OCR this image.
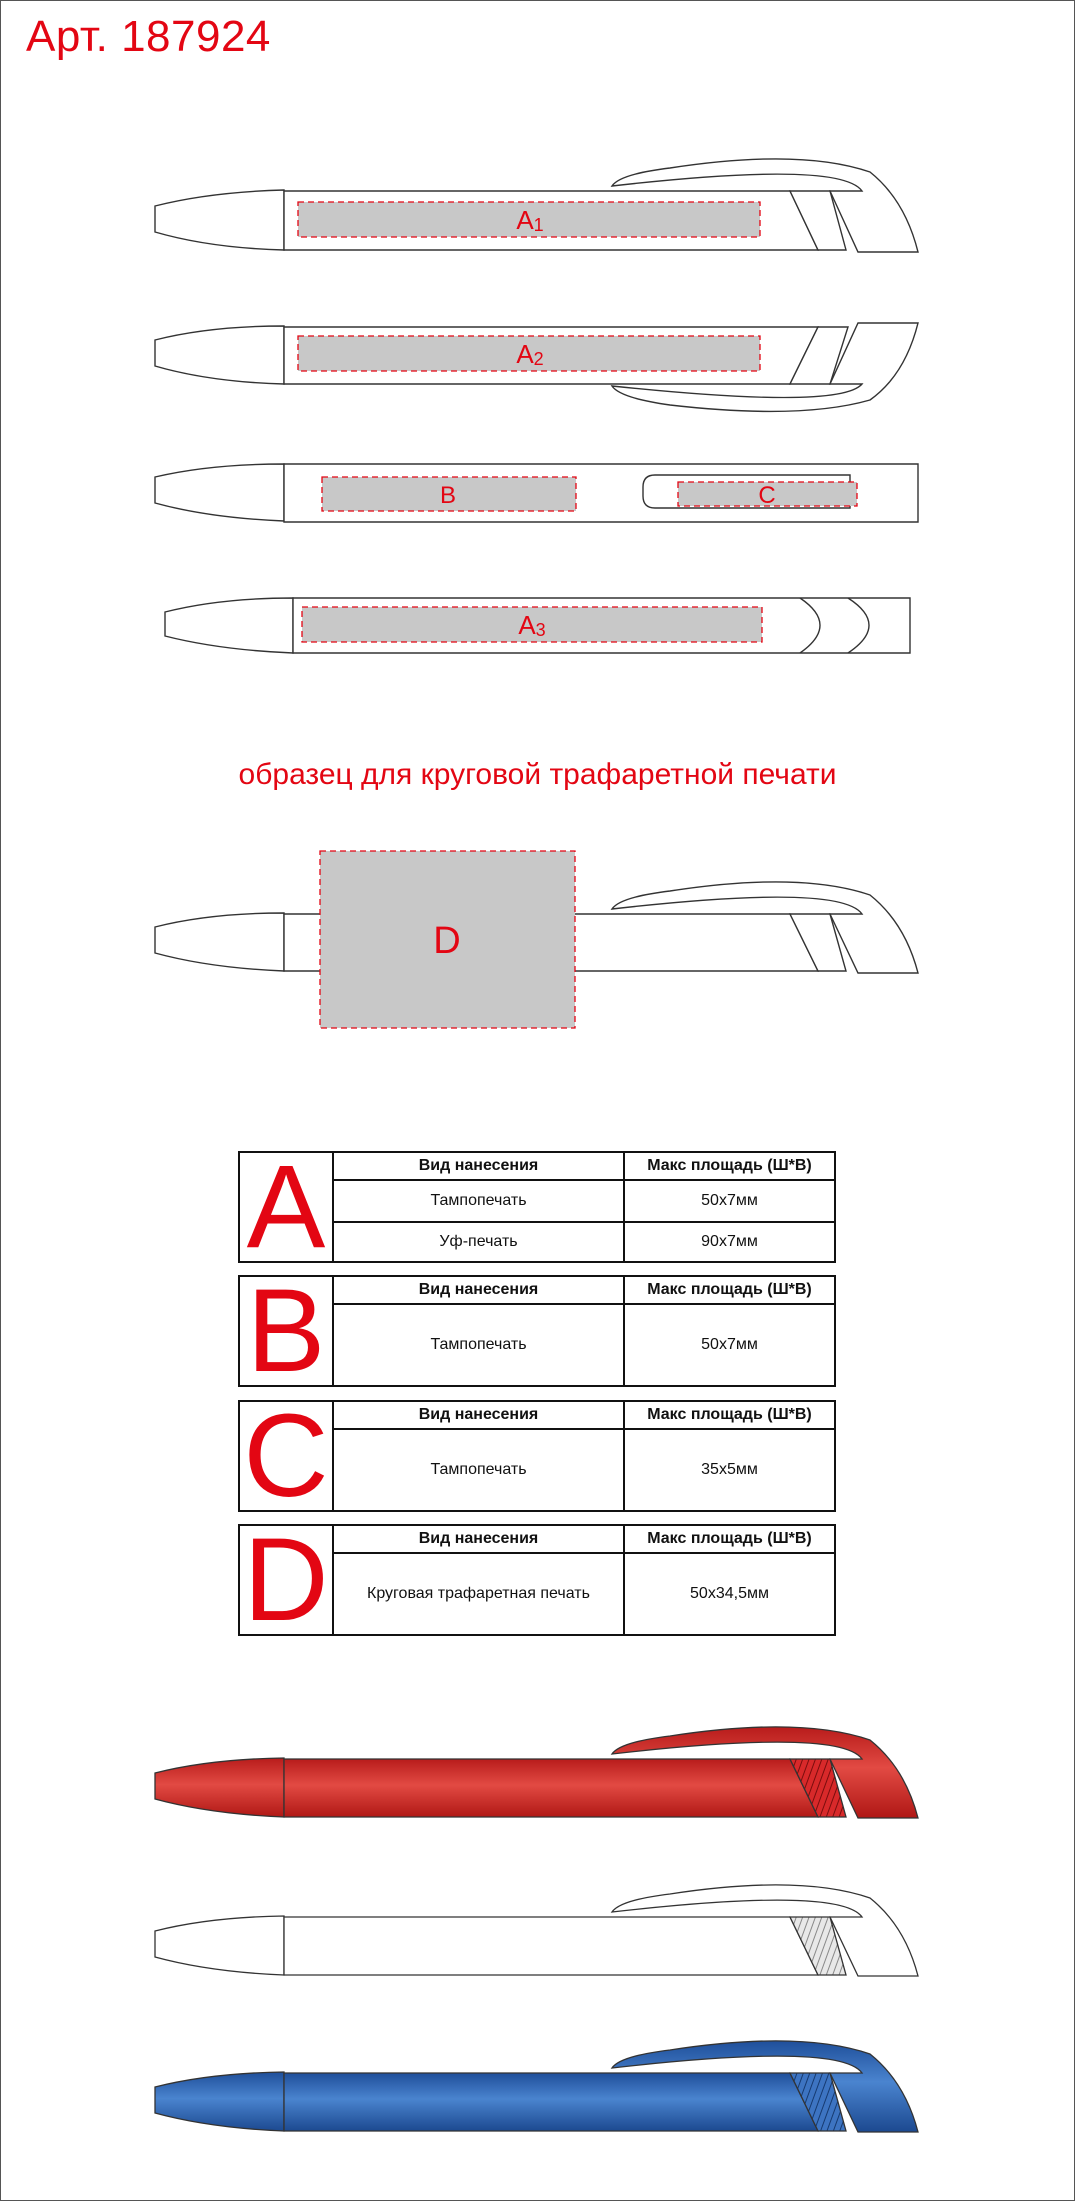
Арт. 187924
A1
A2
B	C
A3
D
образец для круговой трафаретной печати
A	Вид нанесения	Макс площадь (Ш*В)
Тампопечать	50х7мм
Уф-печать	90х7мм
B	Вид нанесения	Макс площадь (Ш*В)
Тампопечать	50х7мм
C	Вид нанесения	Макс площадь (Ш*В)
Тампопечать	35х5мм
D	Вид нанесения	Макс площадь (Ш*В)
Круговая трафаретная печать	50х34,5мм
